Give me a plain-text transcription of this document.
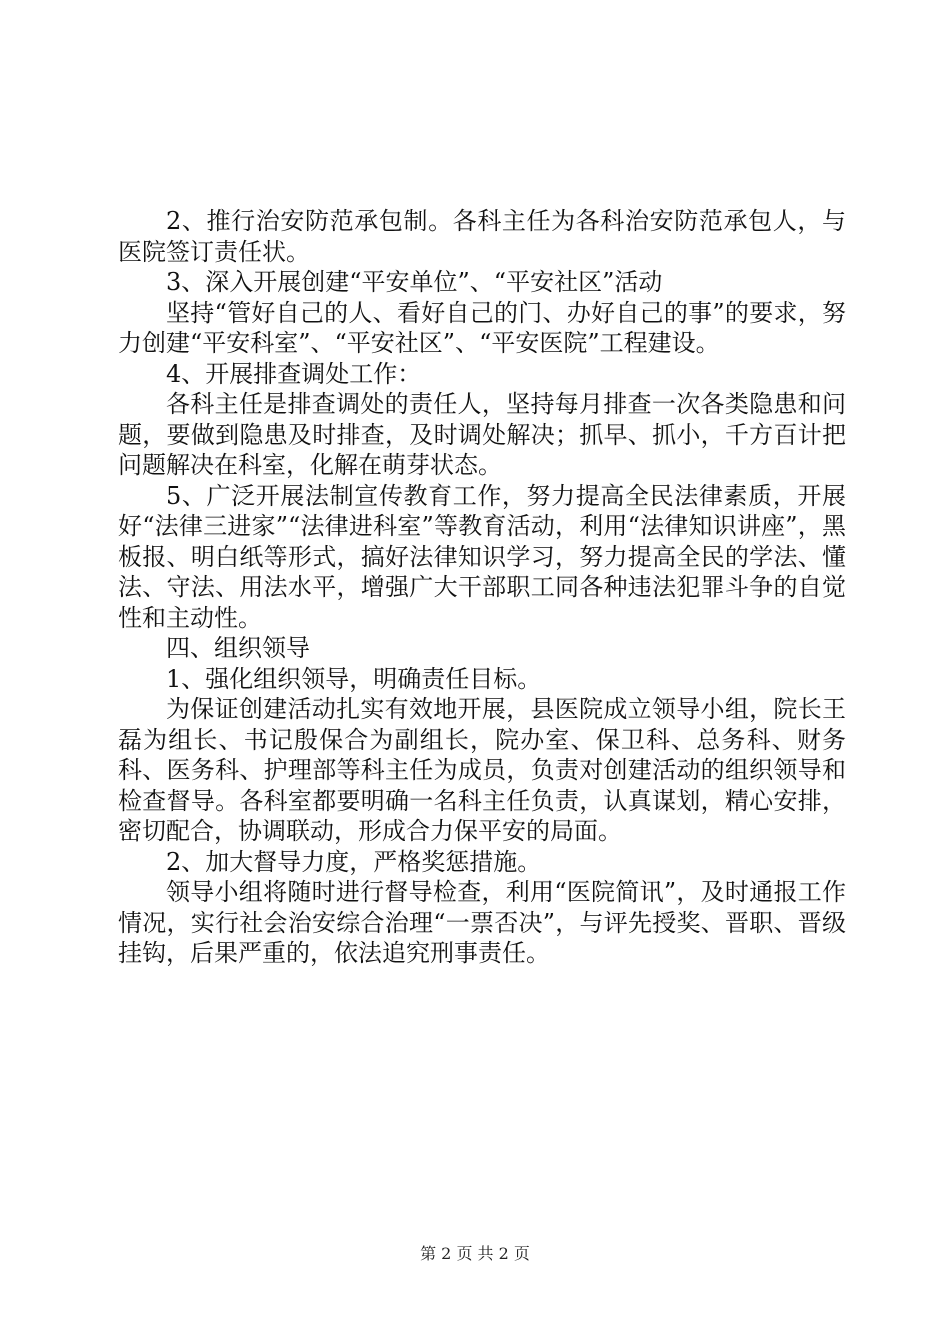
2、推行治安防范承包制。各科主任为各科治安防范承包人，与医院签订责任状。

3、深入开展创建“平安单位”、“平安社区”活动

坚持“管好自己的人、看好自己的门、办好自己的事”的要求，努力创建“平安科室”、“平安社区”、“平安医院”工程建设。

4、开展排查调处工作：

各科主任是排查调处的责任人，坚持每月排查一次各类隐患和问题，要做到隐患及时排查，及时调处解决；抓早、抓小，千方百计把问题解决在科室，化解在萌芽状态。

5、广泛开展法制宣传教育工作，努力提高全民法律素质，开展好“法律三进家”“法律进科室”等教育活动，利用“法律知识讲座”，黑板报、明白纸等形式，搞好法律知识学习，努力提高全民的学法、懂法、守法、用法水平，增强广大干部职工同各种违法犯罪斗争的自觉性和主动性。

四、组织领导

1、强化组织领导，明确责任目标。

为保证创建活动扎实有效地开展，县医院成立领导小组，院长王磊为组长、书记殷保合为副组长，院办室、保卫科、总务科、财务科、医务科、护理部等科主任为成员，负责对创建活动的组织领导和检查督导。各科室都要明确一名科主任负责，认真谋划，精心安排，密切配合，协调联动，形成合力保平安的局面。

2、加大督导力度，严格奖惩措施。

领导小组将随时进行督导检查，利用“医院简讯”，及时通报工作情况，实行社会治安综合治理“一票否决”，与评先授奖、晋职、晋级挂钩，后果严重的，依法追究刑事责任。

第 2 页 共 2 页
